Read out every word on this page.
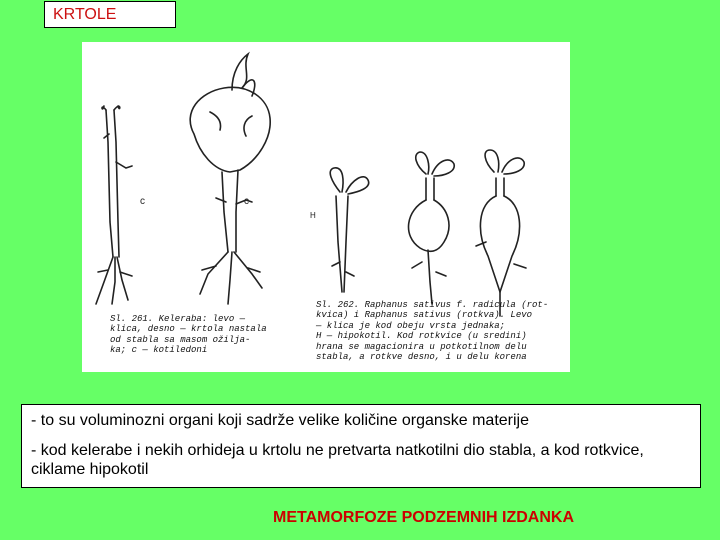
KRTOLE
c	c
H
Sl. 261. Kelerаba: levo —
klica, desno — krtola nastala
od stabla sa masom ožilja-
ka; c — kotiledoni
Sl. 262. Raphanus sativus f. radicula (rot-
kvica) i Raphanus sativus (rotkva). Levo
— klica je kod obeju vrsta jednaka;
H — hipokotil. Kod rotkvice (u sredini)
hrana se magacionira u potkotilnom delu
stabla, a rotkve desno, i u delu korena

- to su voluminozni organi koji sadrže velike količine organske materije

- kod kelerabe i nekih orhideja u krtolu ne pretvarta natkotilni dio stabla, a kod rotkvice, ciklame hipokotil

METAMORFOZE PODZEMNIH IZDANKA
